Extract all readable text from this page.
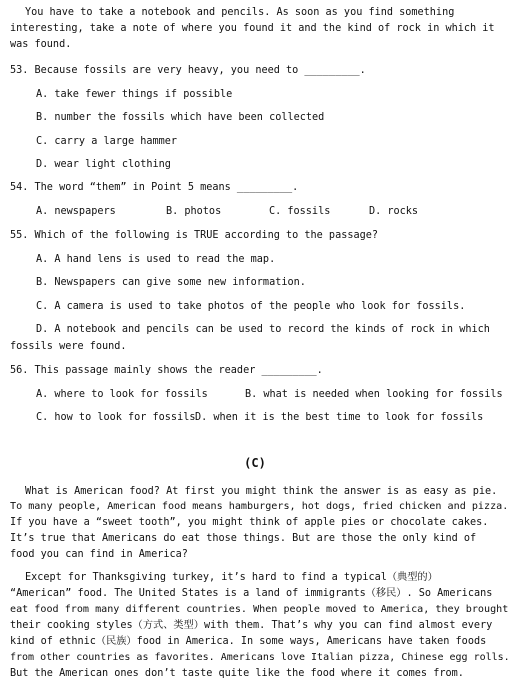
You have to take a notebook and pencils. As soon as you find something
interesting, take a note of where you found it and the kind of rock in which it
was found.
53. Because fossils are very heavy, you need to _________.
A. take fewer things if possible
B. number the fossils which have been collected
C. carry a large hammer
D. wear light clothing
54. The word “them” in Point 5 means _________.
A. newspapers	B. photos	C. fossils	D. rocks
55. Which of the following is TRUE according to the passage?
A. A hand lens is used to read the map.
B. Newspapers can give some new information.
C. A camera is used to take photos of the people who look for fossils.
D. A notebook and pencils can be used to record the kinds of rock in which
fossils were found.
56. This passage mainly shows the reader _________.
A. where to look for fossils	B. what is needed when looking for fossils
C. how to look for fossils D. when it is the best time to look for fossils
(C)
What is American food? At first you might think the answer is as easy as pie.
To many people, American food means hamburgers, hot dogs, fried chicken and pizza.
If you have a “sweet tooth”, you might think of apple pies or chocolate cakes.
It’s true that Americans do eat those things. But are those the only kind of
food you can find in America?
Except for Thanksgiving turkey, it’s hard to find a typical（典型的）
“American” food. The United States is a land of immigrants（移民）. So Americans
eat food from many different countries. When people moved to America, they brought
their cooking styles（方式、类型）with them. That’s why you can find almost every
kind of ethnic（民族）food in America. In some ways, Americans have taken foods
from other countries as favorites. Americans love Italian pizza, Chinese egg rolls.
But the American ones don’t taste quite like the food where it comes from.
